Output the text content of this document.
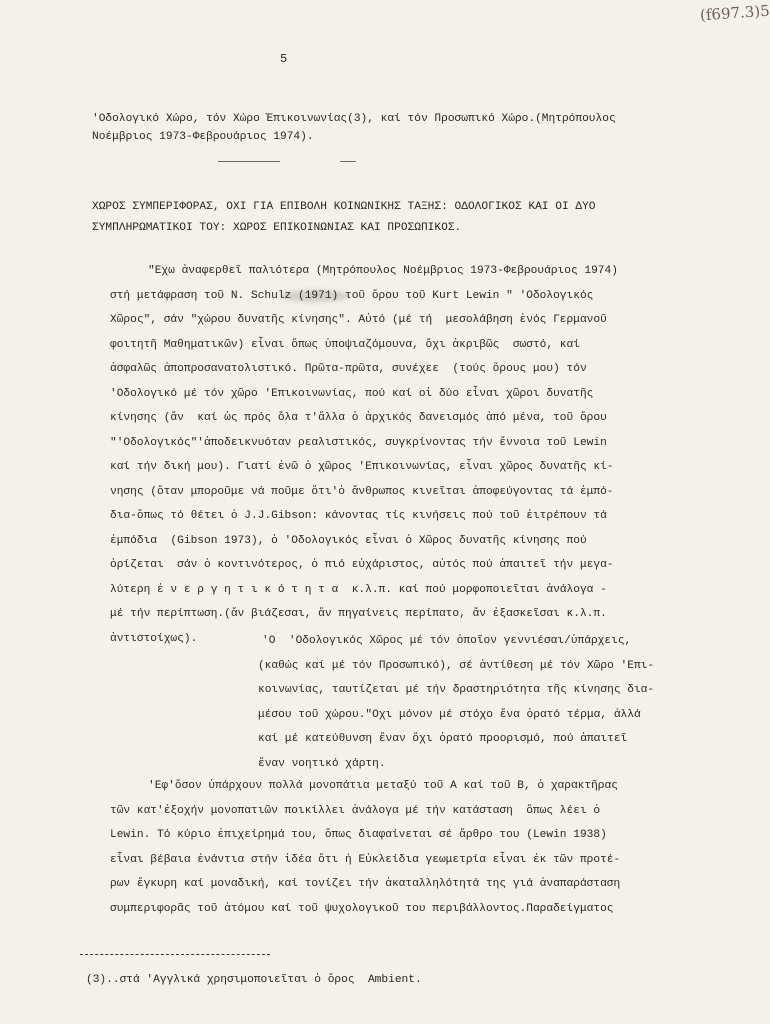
(f697.3)5
5
'Οδολογικό Χώρο, τόν Χώρο Ἐπικοινωνίας(3), καί τόν Προσωπικό Χώρο.(Μητρόπουλος
Νοέμβριος 1973-Φεβρουάριος 1974).
ΧΩΡΟΣ ΣΥΜΠΕΡΙΦΟΡΑΣ, ΟΧΙ ΓΙΑ ΕΠΙΒΟΛΗ ΚΟΙΝΩΝΙΚΗΣ ΤΑΞΗΣ: ΟΔΟΛΟΓΙΚΟΣ ΚΑΙ ΟΙ ΔΥΟ
ΣΥΜΠΛΗΡΩΜΑΤΙΚΟΙ ΤΟΥ: ΧΩΡΟΣ ΕΠΙΚΟΙΝΩΝΙΑΣ ΚΑΙ ΠΡΟΣΩΠΙΚΟΣ.
"Εχω ἀναφερθεῖ παλιότερα (Μητρόπουλος Νοέμβριος 1973-Φεβρουάριος 1974)
στή μετάφραση τοῦ N. Schulz (1971) τοῦ ὅρου τοῦ Kurt Lewin " 'Οδολογικός
Χῶρος", σάν "χώρου δυνατῆς κίνησης". Αὐτό (μέ τή  μεσολάβηση ἑνός Γερμανοῦ
φοιτητῆ Μαθηματικῶν) εἶναι ὅπως ὑποψιαζόμουνα, ὄχι ἀκριβῶς  σωστό, καί
ἀσφαλῶς ἀποπροσανατολιστικό. Πρῶτα-πρῶτα, συνέχεε  (τούς ὅρους μου) τόν
'Οδολογικό μέ τόν χῶρο 'Επικοινωνίας, πού καί οἱ δύο εἶναι χῶροι δυνατῆς
κίνησης (ἄν  καί ὡς πρός ὅλα τ'ἄλλα ὁ ἀρχικός δανεισμός ἀπό μένα, τοῦ ὅρου
"'Οδολογικός"'ἀποδεικνυόταν ρεαλιστικός, συγκρίνοντας τήν ἔννοια τοῦ Lewin
καί τήν δική μου). Γιατί ἐνῶ ὁ χῶρος 'Επικοινωνίας, εἶναι χῶρος δυνατῆς κί-
νησης (ὅταν μποροῦμε νά ποῦμε ὅτι'ὁ ἄνθρωπος κινεῖται ἀποφεύγοντας τά ἐμπό-
δια-ὅπως τό θέτει ὁ J.J.Gibson: κάνοντας τίς κινήσεις πού τοῦ ἐιτρέπουν τά
ἐμπόδια  (Gibson 1973), ὁ 'Οδολογικός εἶναι ὁ Χῶρος δυνατῆς κίνησης πού
ὁρίζεται  σάν ὁ κοντινότερος, ὁ πιό εὐχάριστος, αὐτός πού ἀπαιτεῖ τήν μεγα-
λύτερη ἐ ν ε ρ γ η τ ι κ ό τ η τ α  κ.λ.π. καί πού μορφοποιεῖται ἀνάλογα -
μέ τήν περίπτωση.(ἄν βιάζεσαι, ἄν πηγαίνεις περίπατο, ἄν ἐξασκεῖσαι κ.λ.π.
ἀντιστοίχως).	'Ο  'Οδολογικός Χῶρος μέ τόν ὁποῖον γεννιέσαι/ὑπάρχεις,
(καθώς καί μέ τόν Προσωπικό), σέ ἀντίθεση μέ τόν Χῶρο 'Επι-
κοινωνίας, ταυτίζεται μέ τήν δραστηριότητα τῆς κίνησης δια-
μέσου τοῦ χώρου."Οχι μόνον μέ στόχο ἕνα ὁρατό τέρμα, ἀλλά
καί μέ κατεύθυνση ἕναν ὄχι ὁρατό προορισμό, πού ἀπαιτεῖ
ἕναν νοητικό χάρτη.
'Εφ'ὅσον ὑπάρχουν πολλά μονοπάτια μεταξύ τοῦ A καί τοῦ B, ὁ χαρακτῆρας
τῶν κατ'ἐξοχήν μονοπατιῶν ποικίλλει ἀνάλογα μέ τήν κατάσταση  ὅπως λέει ὁ
Lewin. Τό κύριο ἐπιχείρημά του, ὅπως διαφαίνεται σέ ἄρθρο του (Lewin 1938)
εἶναι βέβαια ἐνάντια στήν ἰδέα ὅτι ἡ Εὐκλείδια γεωμετρία εἶναι ἐκ τῶν προτέ-
ρων ἔγκυρη καί μοναδική, καί τονίζει τήν ἀκαταλληλότητά της γιά ἀναπαράσταση
συμπεριφορᾶς τοῦ ἀτόμου καί τοῦ ψυχολογικοῦ του περιβάλλοντος.Παραδείγματος
(3)..στά 'Αγγλικά χρησιμοποιεῖται ὁ ὅρος  Ambient.
